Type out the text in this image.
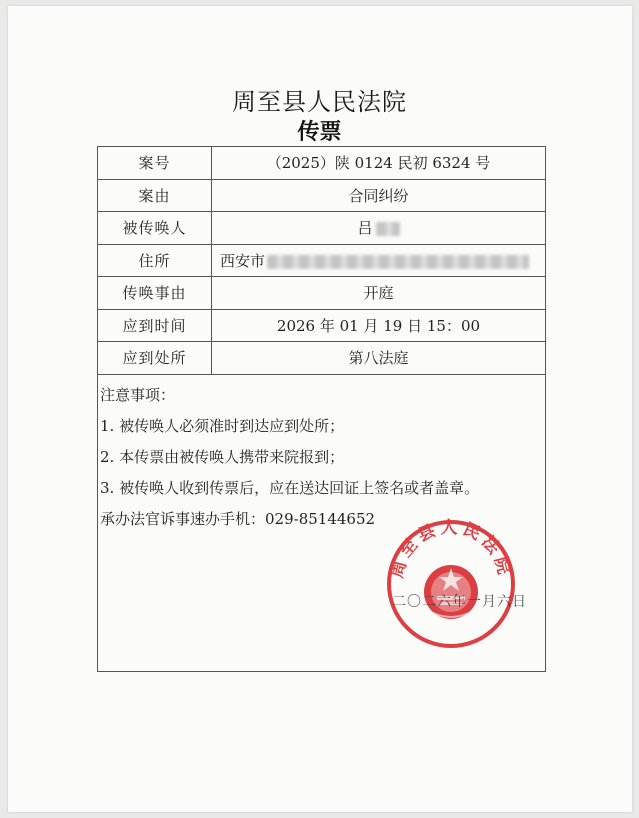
周至县人民法院
传票
案号	（2025）陕 0124 民初 6324 号
案由	合同纠纷
被传唤人	吕
住所	西安市
传唤事由	开庭
应到时间	2026 年 01 月 19 日 15：00
应到处所	第八法庭
注意事项：
1. 被传唤人必须准时到达应到处所；
2. 本传票由被传唤人携带来院报到；
3. 被传唤人收到传票后，应在送达回证上签名或者盖章。
承办法官诉事速办手机：029-85144652
周至县人民法院
二〇二六年一月六日
